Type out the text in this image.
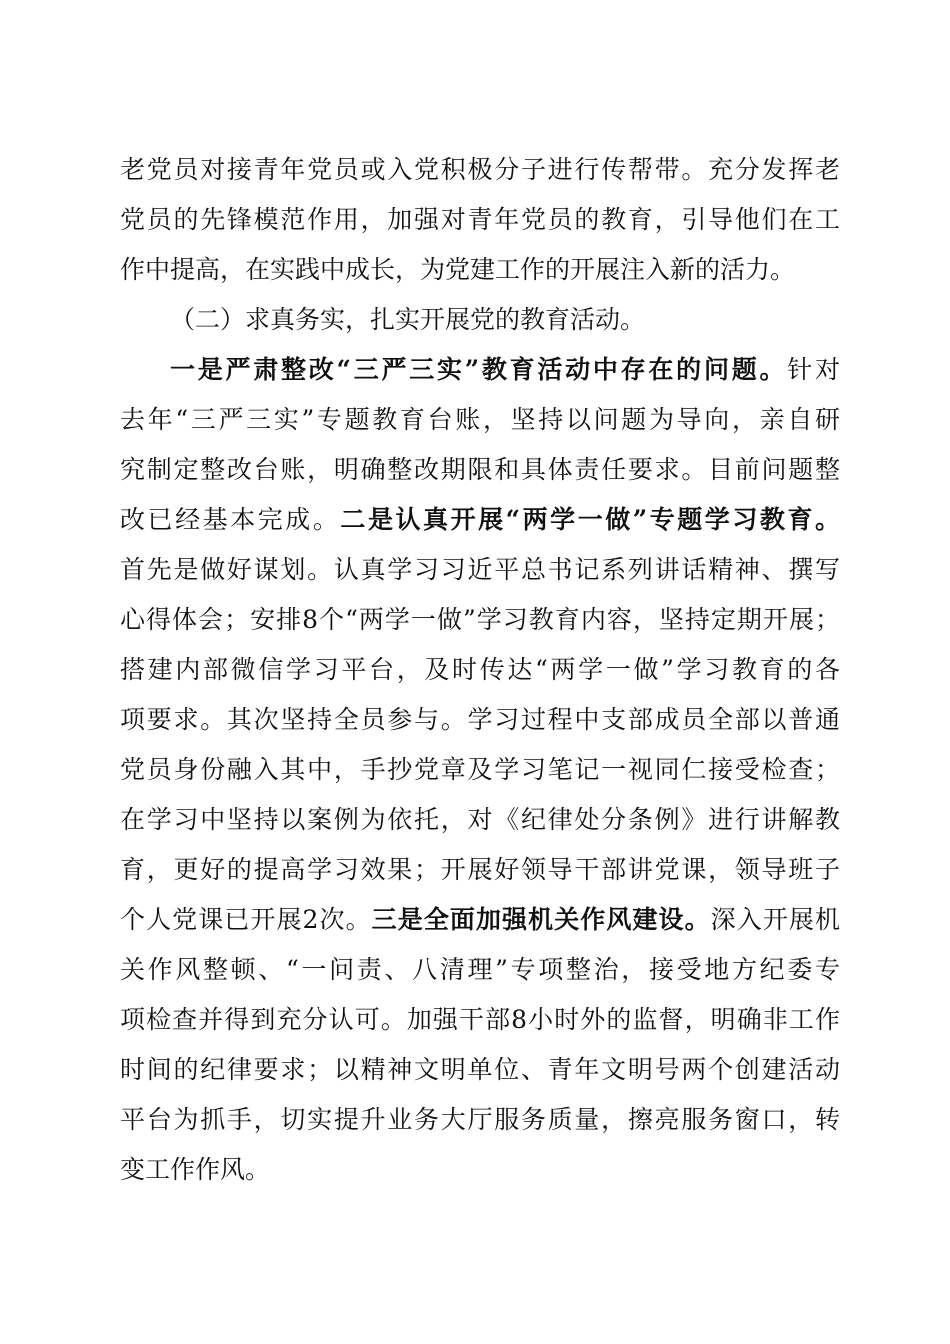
老党员对接青年党员或入党积极分子进行传帮带。充分发挥老
党员的先锋模范作用，加强对青年党员的教育，引导他们在工
作中提高，在实践中成长，为党建工作的开展注入新的活力。
（二）求真务实，扎实开展党的教育活动。
一是严肃整改“三严三实”教育活动中存在的问题。针对
去年“三严三实”专题教育台账，坚持以问题为导向，亲自研
究制定整改台账，明确整改期限和具体责任要求。目前问题整
改已经基本完成。二是认真开展“两学一做”专题学习教育。
首先是做好谋划。认真学习习近平总书记系列讲话精神、撰写
心得体会；安排8个“两学一做”学习教育内容，坚持定期开展；
搭建内部微信学习平台，及时传达“两学一做”学习教育的各
项要求。其次坚持全员参与。学习过程中支部成员全部以普通
党员身份融入其中，手抄党章及学习笔记一视同仁接受检查；
在学习中坚持以案例为依托，对《纪律处分条例》进行讲解教
育，更好的提高学习效果；开展好领导干部讲党课，领导班子
个人党课已开展2次。三是全面加强机关作风建设。深入开展机
关作风整顿、“一问责、八清理”专项整治，接受地方纪委专
项检查并得到充分认可。加强干部8小时外的监督，明确非工作
时间的纪律要求；以精神文明单位、青年文明号两个创建活动
平台为抓手，切实提升业务大厅服务质量，擦亮服务窗口，转
变工作作风。
